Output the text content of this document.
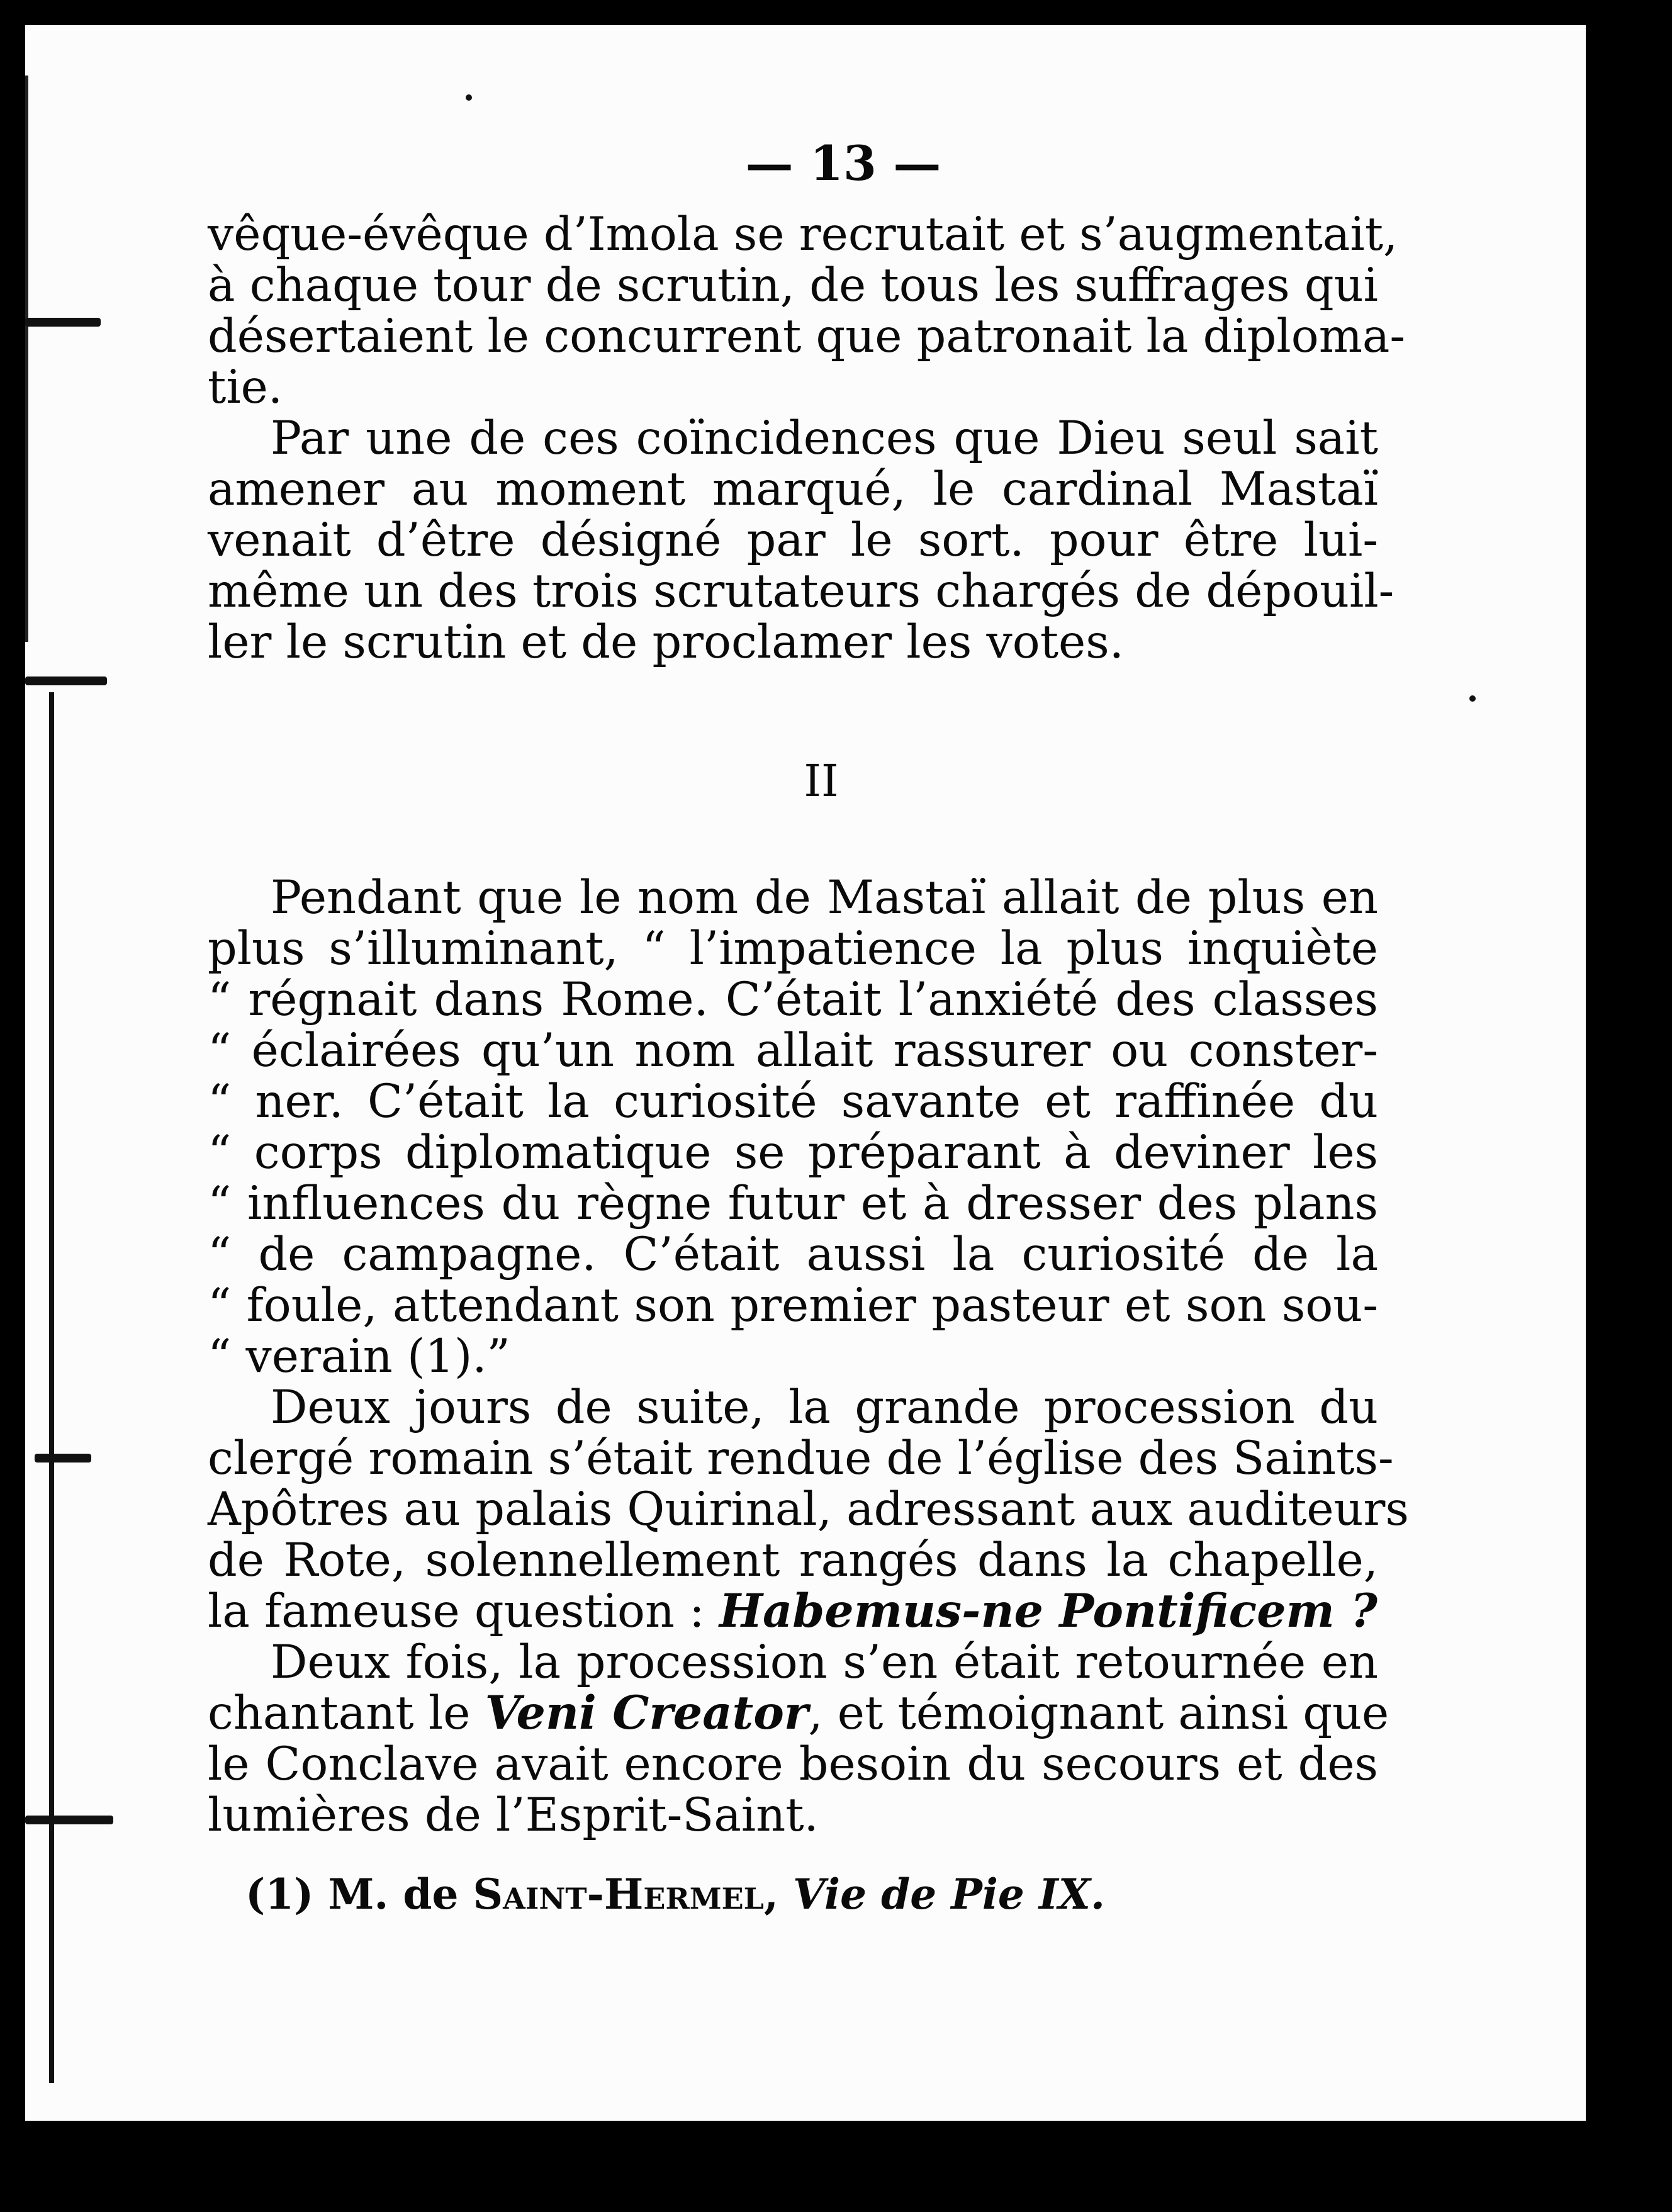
— 13 —
vêque-évêque d’Imola se recrutait et s’augmentait,
à chaque tour de scrutin, de tous les suffrages qui
désertaient le concurrent que patronait la diploma-
tie.
Par une de ces coïncidences que Dieu seul sait
amener au moment marqué, le cardinal Mastaï
venait d’être désigné par le sort. pour être lui-
même un des trois scrutateurs chargés de dépouil-
ler le scrutin et de proclamer les votes.
II
Pendant que le nom de Mastaï allait de plus en
plus s’illuminant, “ l’impatience la plus inquiète
“ régnait dans Rome. C’était l’anxiété des classes
“ éclairées qu’un nom allait rassurer ou conster-
“ ner. C’était la curiosité savante et raffinée du
“ corps diplomatique se préparant à deviner les
“ influences du règne futur et à dresser des plans
“ de campagne. C’était aussi la curiosité de la
“ foule, attendant son premier pasteur et son sou-
“ verain (1).”
Deux jours de suite, la grande procession du
clergé romain s’était rendue de l’église des Saints-
Apôtres au palais Quirinal, adressant aux auditeurs
de Rote, solennellement rangés dans la chapelle,
la fameuse question : Habemus-ne Pontificem ?
Deux fois, la procession s’en était retournée en
chantant le Veni Creator, et témoignant ainsi que
le Conclave avait encore besoin du secours et des
lumières de l’Esprit-Saint.
(1) M. de Saint-Hermel, Vie de Pie IX.
